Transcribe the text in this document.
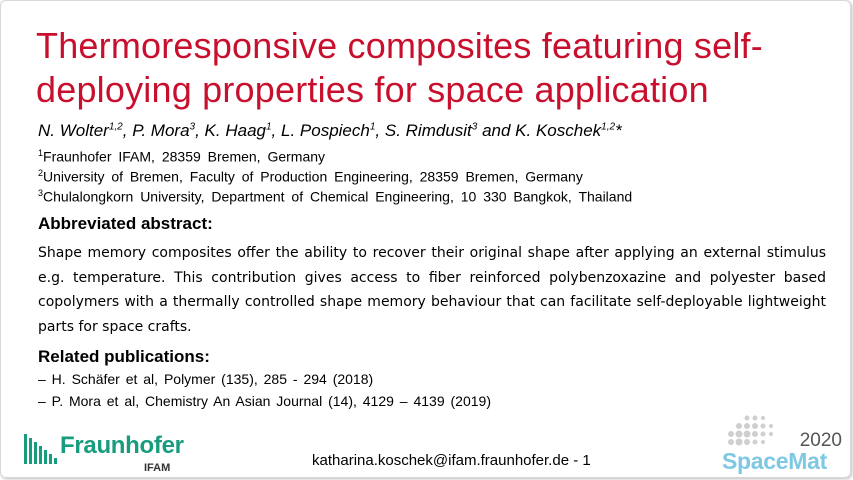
Thermoresponsive composites featuring self-deploying properties for space application
N. Wolter$^{1,2}$, P. Mora$^3$, K. Haag$^1$, L. Pospiech$^1$, S. Rimdusit$^3$ and K. Koschek$^{1,2}$*
$^1$Fraunhofer IFAM, 28359 Bremen, Germany
$^2$University of Bremen, Faculty of Production Engineering, 28359 Bremen, Germany
$^3$Chulalongkorn University, Department of Chemical Engineering, 10 330 Bangkok, Thailand
Abbreviated abstract:
Shape memory composites offer the ability to recover their original shape after applying an external stimulus e.g. temperature. This contribution gives access to fiber reinforced polybenzoxazine and polyester based copolymers with a thermally controlled shape memory behaviour that can facilitate self-deployable lightweight parts for space crafts.
Related publications:
– H. Schäfer et al, Polymer (135), 285 - 294 (2018)
– P. Mora et al, Chemistry An Asian Journal (14), 4129 – 4139 (2019)
Fraunhofer
IFAM	katharina.koschek@ifam.fraunhofer.de - 1
2020
SpaceMat
